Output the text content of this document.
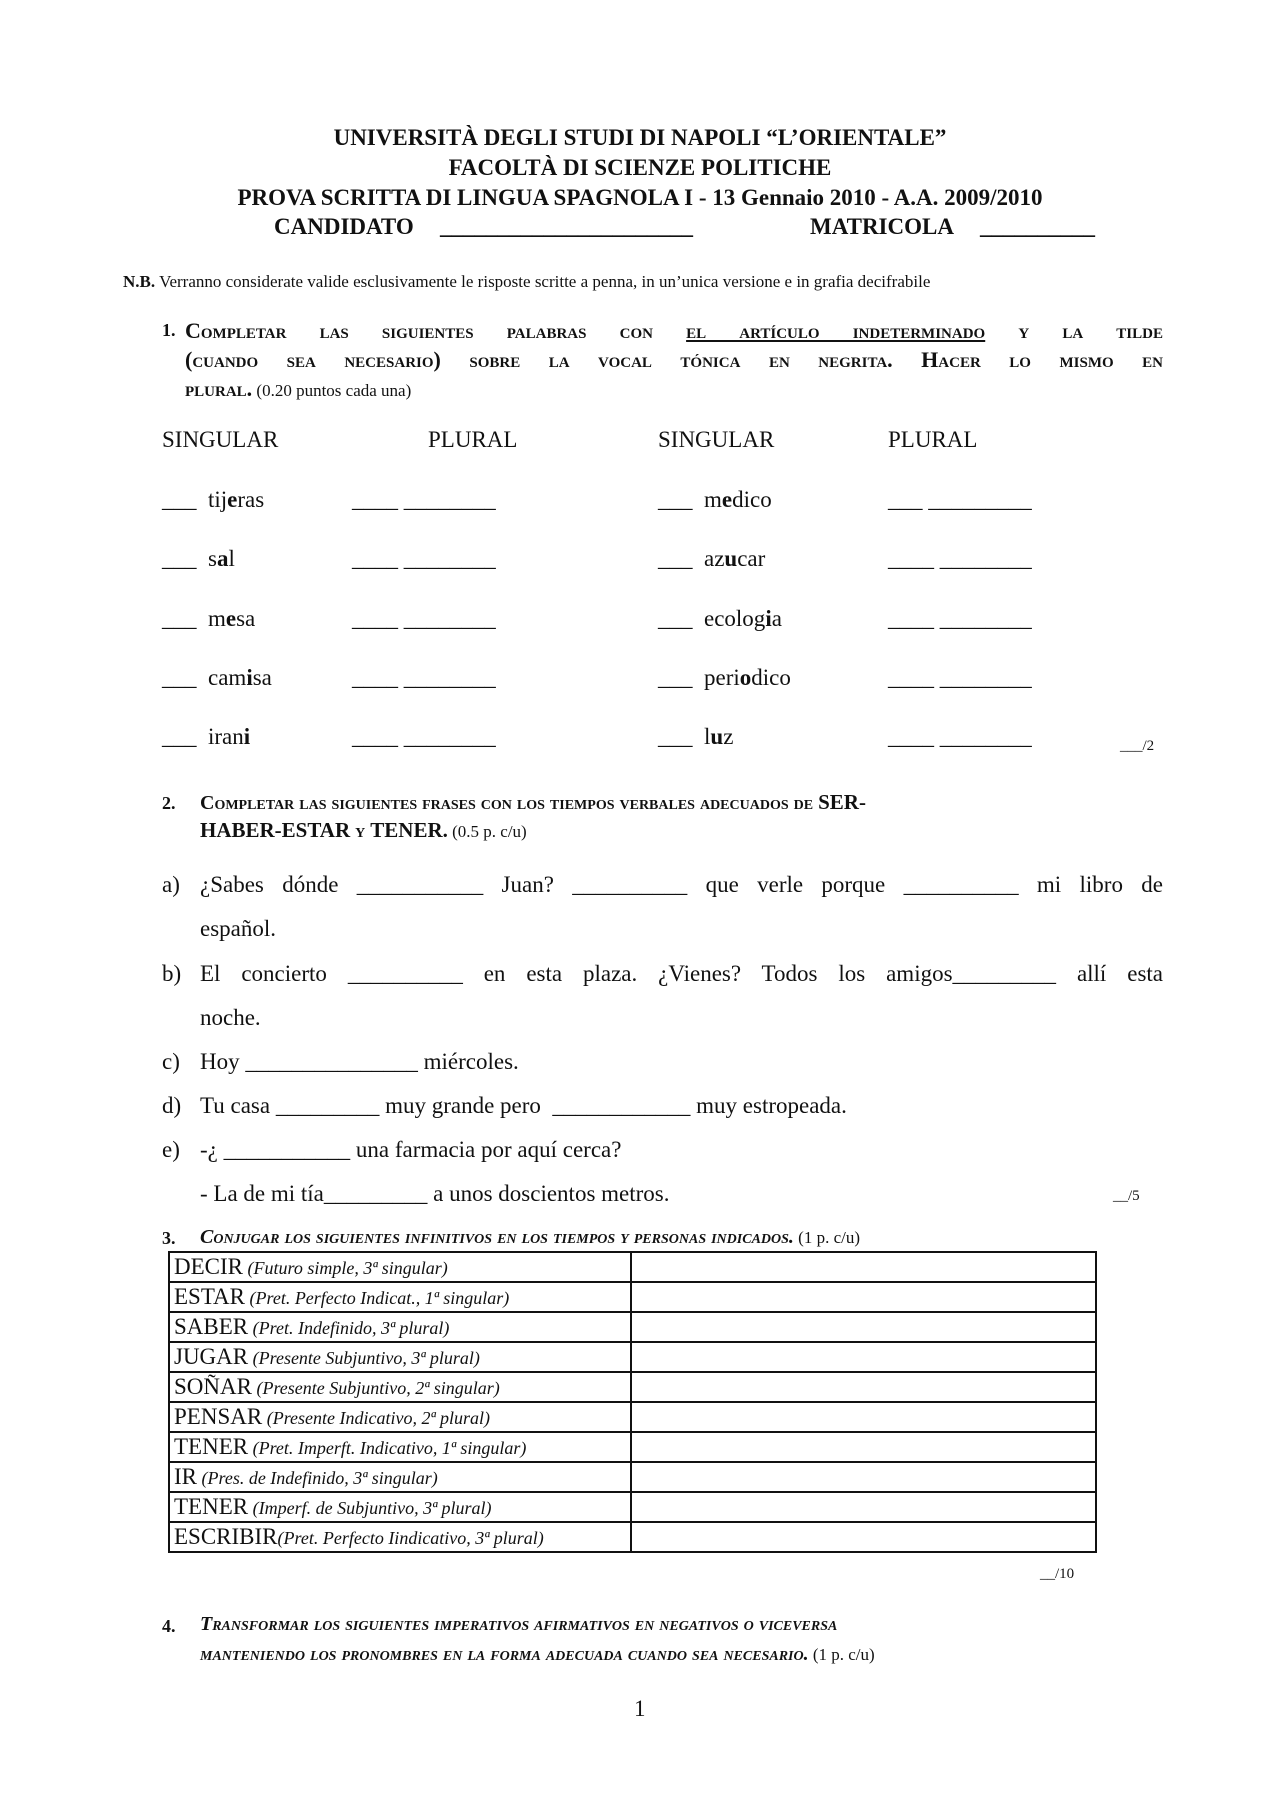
UNIVERSITÀ DEGLI STUDI DI NAPOLI “L’ORIENTALE”
FACOLTÀ DI SCIENZE POLITICHE
PROVA SCRITTA DI LINGUA SPAGNOLA I - 13 Gennaio 2010 - A.A. 2009/2010
CANDIDATO ______________________	MATRICOLA __________
N.B. Verranno considerate valide esclusivamente le risposte scritte a penna, in un’unica versione e in grafia decifrabile
1. Completar las siguientes palabras con el artículo indeterminado y la tilde
(cuando sea necesario) sobre la vocal tónica en negrita. Hacer lo mismo en
plural. (0.20 puntos cada una)
SINGULAR	PLURAL	SINGULAR	PLURAL
___ tijeras	____ ________	___ medico	___ _________
___ sal	____ ________	___ azucar	____ ________
___ mesa	____ ________	___ ecologia	____ ________
___ camisa	____ ________	___ periodico	____ ________
___ irani	____ ________	___ luz	____ ________	___/2
2. Completar las siguientes frases con los tiempos verbales adecuados de SER-
HABER-ESTAR y TENER. (0.5 p. c/u)
a) ¿Sabes dónde ___________ Juan? __________ que verle porque __________ mi libro de
español.
b) El concierto __________ en esta plaza. ¿Vienes? Todos los amigos_________ allí esta
noche.
c) Hoy _______________ miércoles.
d) Tu casa _________ muy grande pero  ____________ muy estropeada.
e) -¿ ___________ una farmacia por aquí cerca?
- La de mi tía_________ a unos doscientos metros.	__/5
3. Conjugar los siguientes infinitivos en los tiempos y personas indicados. (1 p. c/u)
DECIR (Futuro simple, 3ª singular)	
ESTAR (Pret. Perfecto Indicat., 1ª singular)	
SABER (Pret. Indefinido, 3ª plural)	
JUGAR (Presente Subjuntivo, 3ª plural)	
SOÑAR (Presente Subjuntivo, 2ª singular)	
PENSAR (Presente Indicativo, 2ª plural)	
TENER (Pret. Imperft. Indicativo, 1ª singular)	
IR (Pres. de Indefinido, 3ª singular)	
TENER (Imperf. de Subjuntivo, 3ª plural)	
ESCRIBIR(Pret. Perfecto Iindicativo, 3ª plural)	
__/10
4. Transformar los siguientes imperativos afirmativos en negativos o viceversa
manteniendo los pronombres en la forma adecuada cuando sea necesario. (1 p. c/u)
1
